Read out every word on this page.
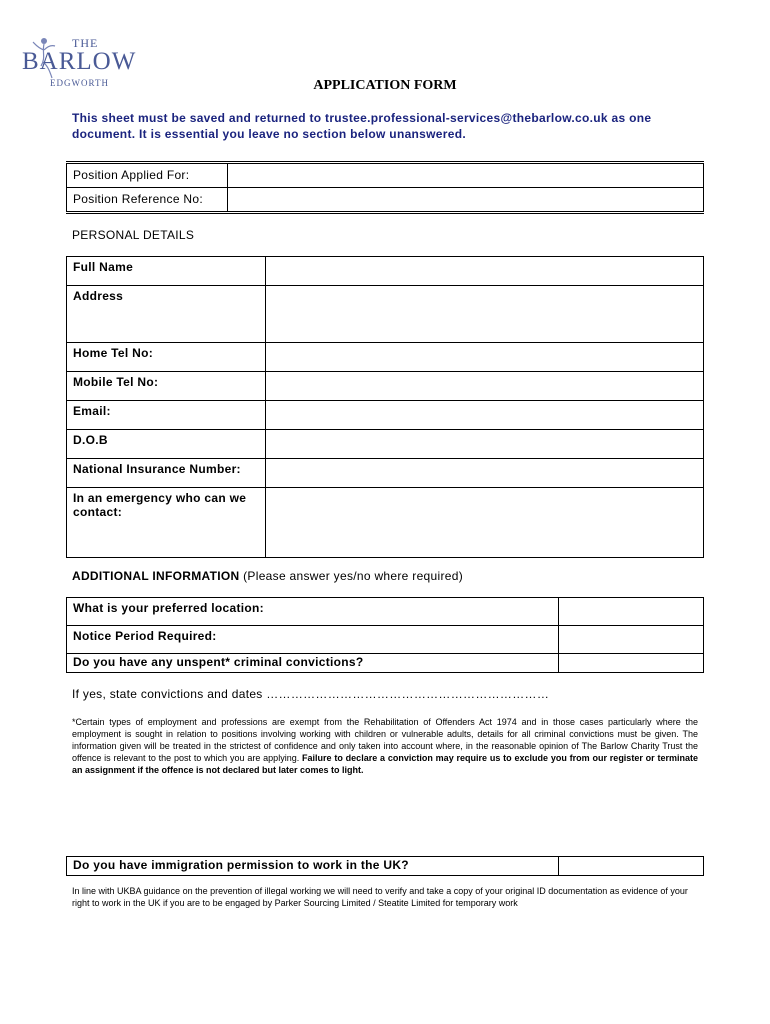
THE
BARLOW
EDGWORTH	APPLICATION FORM
This sheet must be saved and returned to trustee.professional-services@thebarlow.co.uk as one document. It is essential you leave no section below unanswered.
Position Applied For:	
Position Reference No:	
PERSONAL DETAILS
Full Name	
Address	
Home Tel No:	
Mobile Tel No:	
Email:	
D.O.B	
National Insurance Number:	
In an emergency who can we contact:	
ADDITIONAL INFORMATION (Please answer yes/no where required)
What is your preferred location:	
Notice Period Required:	
Do you have any unspent* criminal convictions?	
If yes, state convictions and dates ……………………………………………………………
*Certain types of employment and professions are exempt from the Rehabilitation of Offenders Act 1974 and in those cases particularly where the employment is sought in relation to positions involving working with children or vulnerable adults, details for all criminal convictions must be given. The information given will be treated in the strictest of confidence and only taken into account where, in the reasonable opinion of The Barlow Charity Trust the offence is relevant to the post to which you are applying. Failure to declare a conviction may require us to exclude you from our register or terminate an assignment if the offence is not declared but later comes to light.
Do you have immigration permission to work in the UK?	
In line with UKBA guidance on the prevention of illegal working we will need to verify and take a copy of your original ID documentation as evidence of your right to work in the UK if you are to be engaged by Parker Sourcing Limited / Steatite Limited for temporary work
